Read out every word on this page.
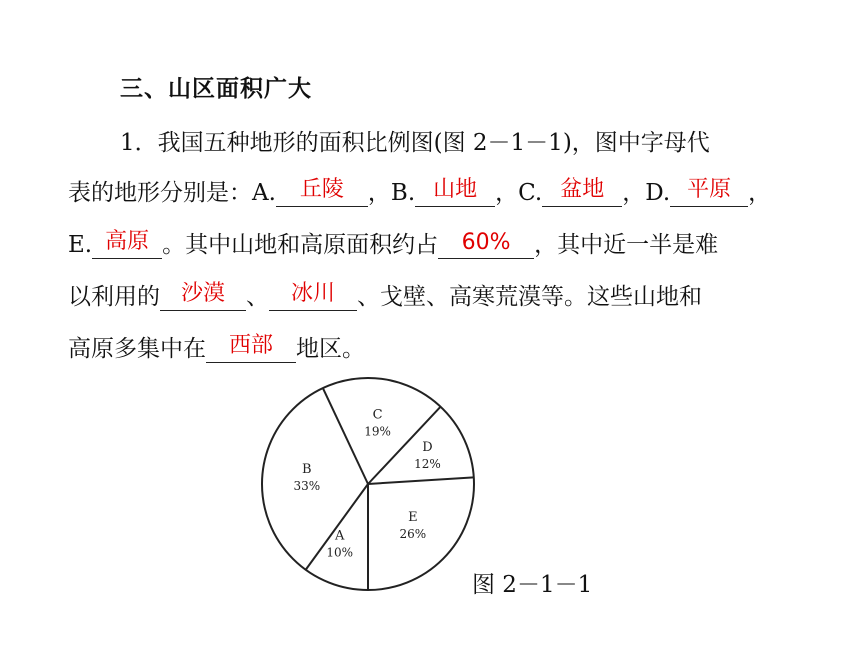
三、山区面积广大
1．我国五种地形的面积比例图(图 2－1－1)，图中字母代
表的地形分别是：A.	丘陵	，B. 山地 ，C. 盆地 ，D. 平原 ，
E. 高原 。其中山地和高原面积约占	60%	，其中近一半是难
以利用的 沙漠 、 冰川 、戈壁、高寒荒漠等。这些山地和
高原多集中在	西部	地区。
A
10%
B
33%
C
19%
D
12%
E
26%
图 2－1－1
